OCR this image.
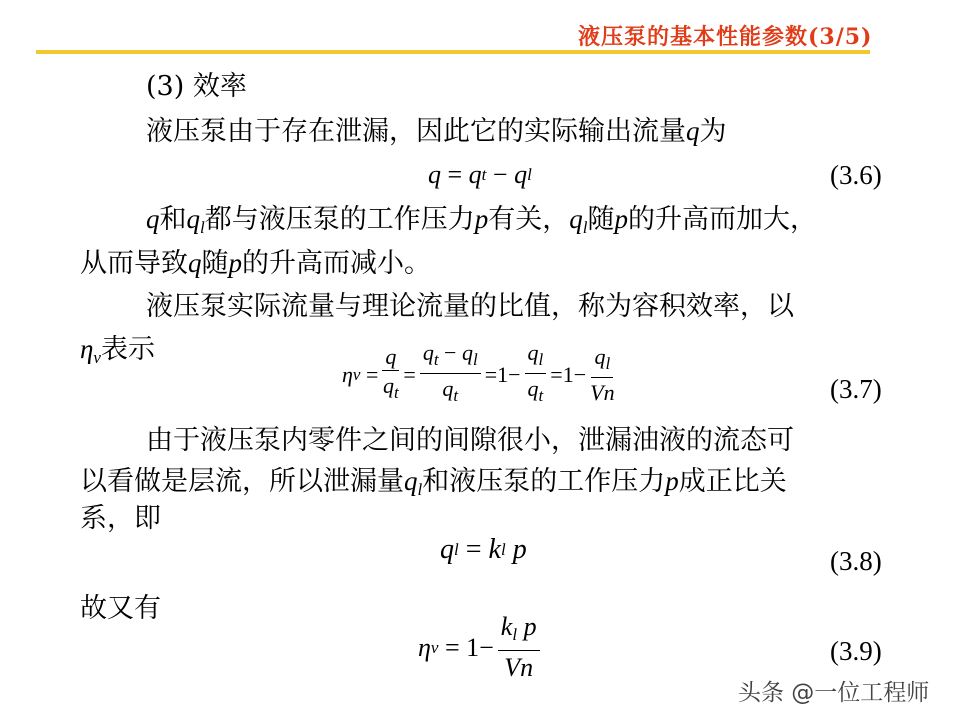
液压泵的基本性能参数(3/5)
(3) 效率
液压泵由于存在泄漏，因此它的实际输出流量q为
q = q t
−
q l	(3.6)
q和$q_l$都与液压泵的工作压力p有关，$q_l$随p的升高而加大，
从而导致q随p的升高而减小。
液压泵实际流量与理论流量的比值，称为容积效率，以
$\eta_v$表示
η v
= $\frac{q}{q_t} = \frac{q_t - q_l}{q_t} = 1 - \frac{q_l}{q_t} = 1 - \frac{q_l}{Vn}$	(3.7)
由于液压泵内零件之间的间隙很小，泄漏油液的流态可
以看做是层流，所以泄漏量$q_l$和液压泵的工作压力p成正比关
系，即
q l
=
k l
p	(3.8)
故又有
η v
=
$1 - \frac{k_l p}{Vn}$	(3.9)
头条 @一位工程师
